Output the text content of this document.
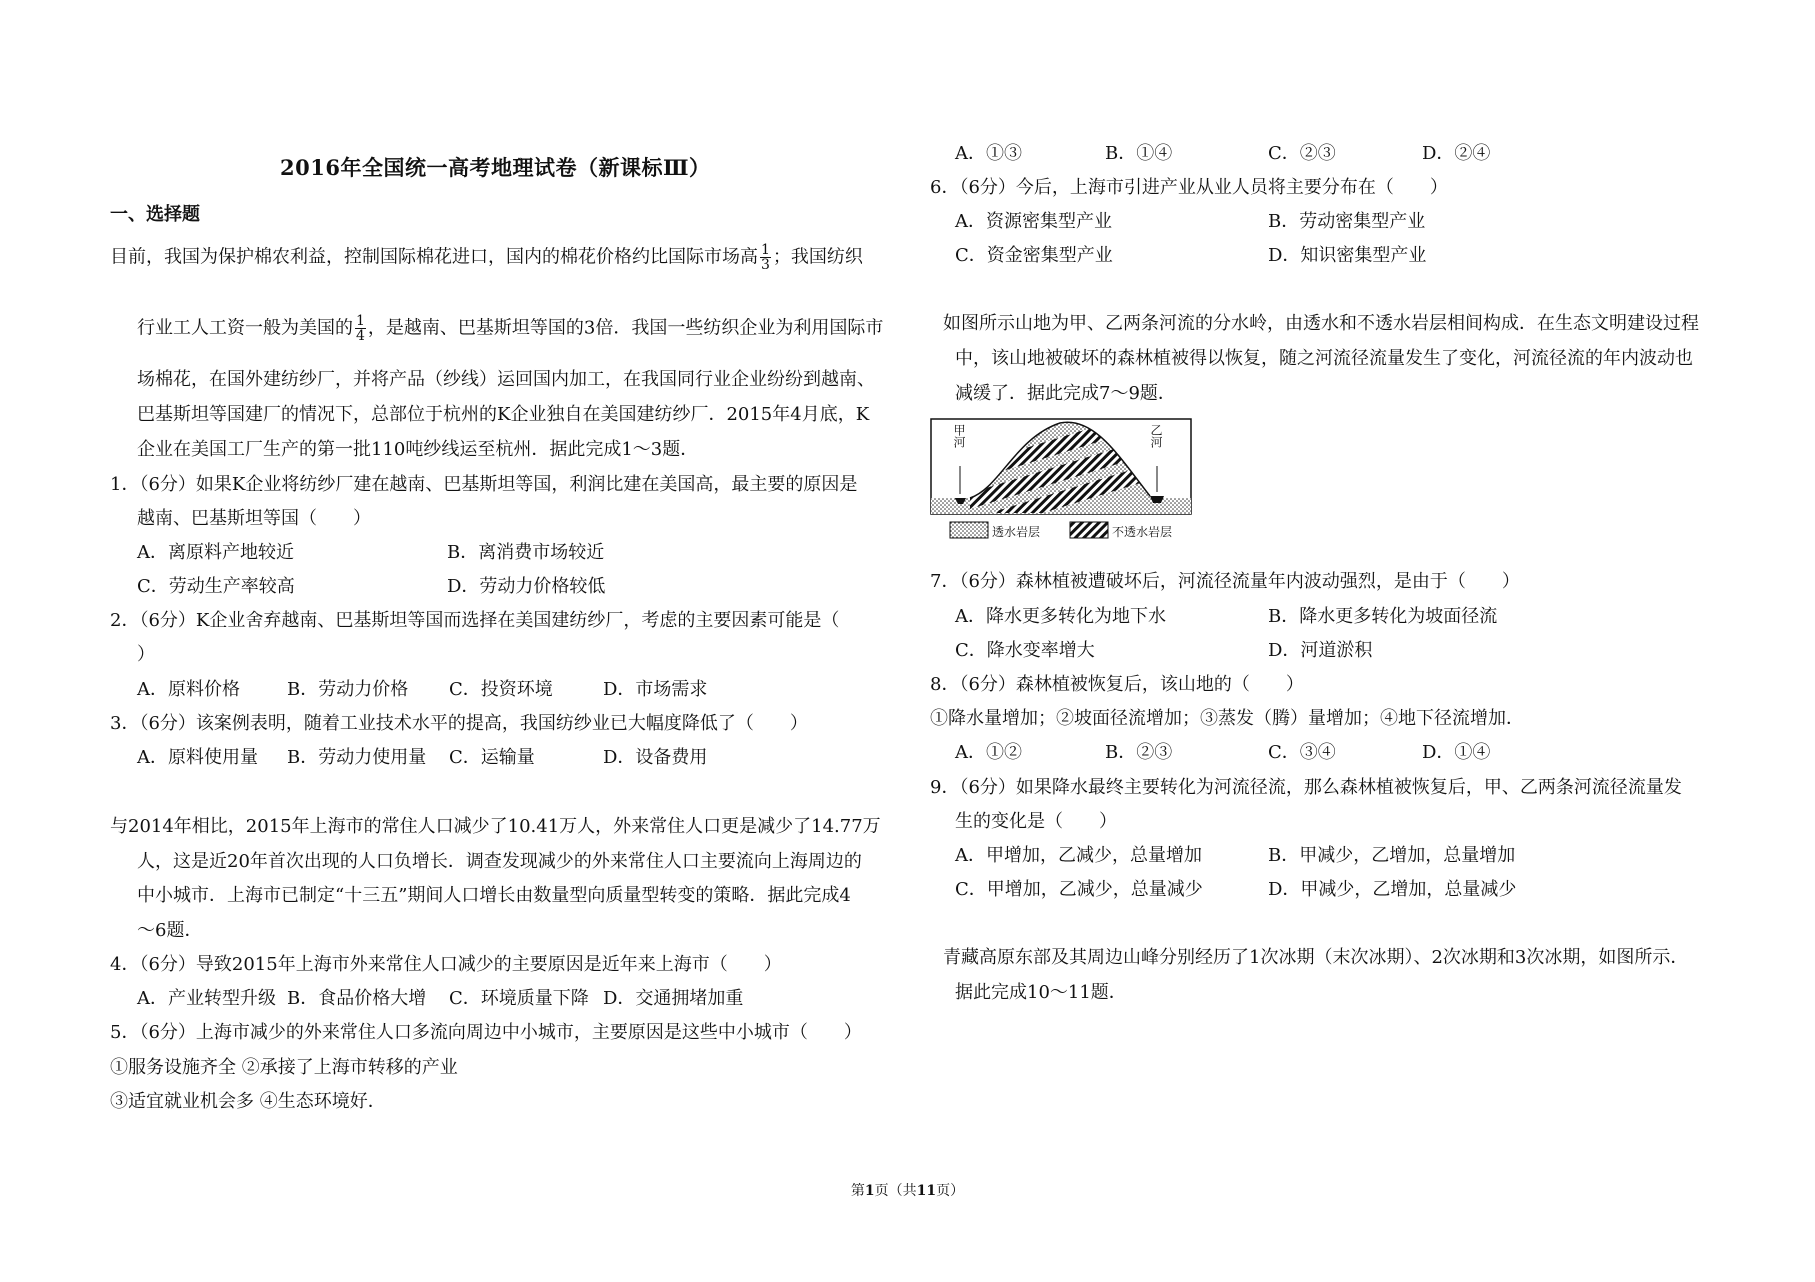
2016年全国统一高考地理试卷（新课标Ⅲ）
一、选择题
目前，我国为保护棉农利益，控制国际棉花进口，国内的棉花价格约比国际市场高 $\frac{1}{3}$ ；我国纺织
行业工人工资一般为美国的 $\frac{1}{4}$ ，是越南、巴基斯坦等国的3倍．我国一些纺织企业为利用国际市
场棉花，在国外建纺纱厂，并将产品（纱线）运回国内加工，在我国同行业企业纷纷到越南、
巴基斯坦等国建厂的情况下，总部位于杭州的K企业独自在美国建纺纱厂．2015年4月底，K
企业在美国工厂生产的第一批110吨纱线运至杭州．据此完成1～3题．
1．（6分）如果K企业将纺纱厂建在越南、巴基斯坦等国，利润比建在美国高，最主要的原因是
越南、巴基斯坦等国（　　）
A．离原料产地较近	B．离消费市场较近
C．劳动生产率较高	D．劳动力价格较低
2．（6分）K企业舍弃越南、巴基斯坦等国而选择在美国建纺纱厂，考虑的主要因素可能是（
）
A．原料价格	B．劳动力价格 C．投资环境	D．市场需求
3．（6分）该案例表明，随着工业技术水平的提高，我国纺纱业已大幅度降低了（　　）
A．原料使用量 B．劳动力使用量 C．运输量	D．设备费用
与2014年相比，2015年上海市的常住人口减少了10.41万人，外来常住人口更是减少了14.77万
人，这是近20年首次出现的人口负增长．调查发现减少的外来常住人口主要流向上海周边的
中小城市．上海市已制定“十三五”期间人口增长由数量型向质量型转变的策略．据此完成4
～6题．
4．（6分）导致2015年上海市外来常住人口减少的主要原因是近年来上海市（　　）
A．产业转型升级 B．食品价格大增 C．环境质量下降 D．交通拥堵加重
5．（6分）上海市减少的外来常住人口多流向周边中小城市，主要原因是这些中小城市（　　）
①服务设施齐全 ②承接了上海市转移的产业
③适宜就业机会多 ④生态环境好．
A．①③	B．①④	C．②③	D．②④
6．（6分）今后，上海市引进产业从业人员将主要分布在（　　）
A．资源密集型产业	B．劳动密集型产业
C．资金密集型产业	D．知识密集型产业
如图所示山地为甲、乙两条河流的分水岭，由透水和不透水岩层相间构成．在生态文明建设过程
中，该山地被破坏的森林植被得以恢复，随之河流径流量发生了变化，河流径流的年内波动也
减缓了．据此完成7～9题．
甲河	乙河
透水岩层	不透水岩层
7．（6分）森林植被遭破坏后，河流径流量年内波动强烈，是由于（　　）
A．降水更多转化为地下水	B．降水更多转化为坡面径流
C．降水变率增大	D．河道淤积
8．（6分）森林植被恢复后，该山地的（　　）
①降水量增加；②坡面径流增加；③蒸发（腾）量增加；④地下径流增加．
A．①②	B．②③	C．③④	D．①④
9．（6分）如果降水最终主要转化为河流径流，那么森林植被恢复后，甲、乙两条河流径流量发
生的变化是（　　）
A．甲增加，乙减少，总量增加	B．甲减少，乙增加，总量增加
C．甲增加，乙减少，总量减少	D．甲减少，乙增加，总量减少
青藏高原东部及其周边山峰分别经历了1次冰期（末次冰期）、2次冰期和3次冰期，如图所示．
据此完成10～11题．
第1页（共11页）
